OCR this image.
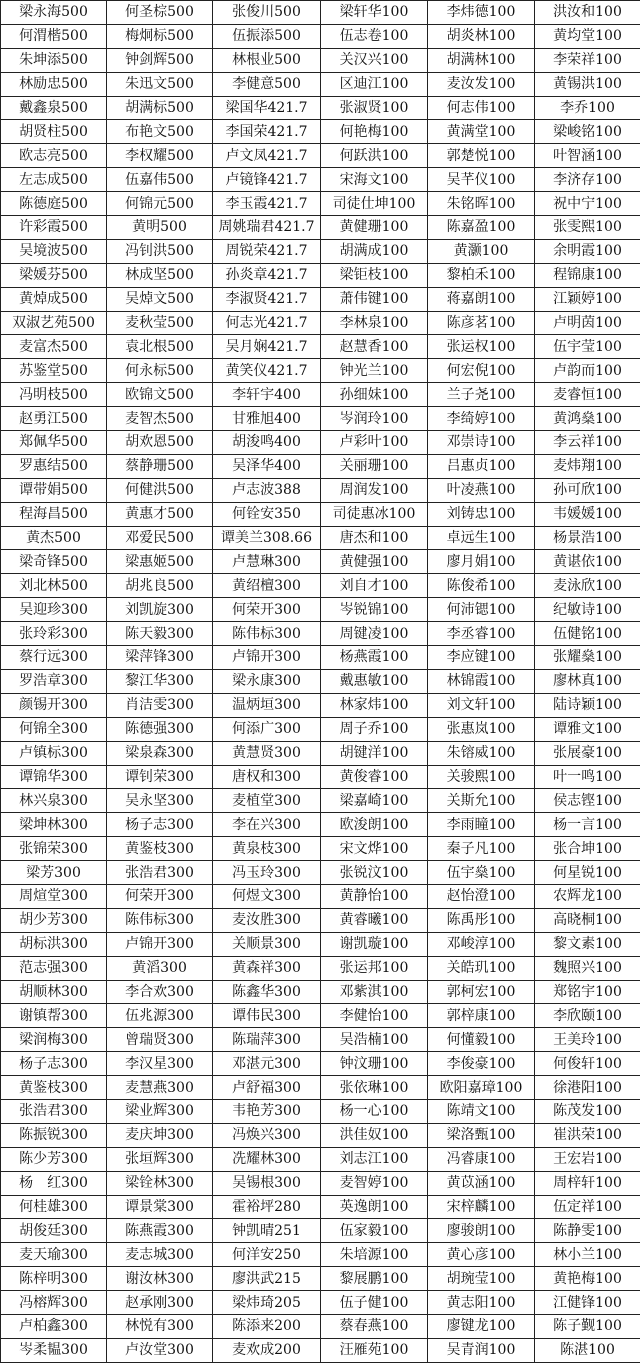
梁永海500	何圣棕500	张俊川500	梁轩华100	李炜德100	洪汝和100
何渭楷500	梅炯标500	伍振添500	伍志卷100	胡炎林100	黄均堂100
朱坤添500	钟剑辉500	林根业500	关汉兴100	胡满林100	李荣祥100
林励忠500	朱迅文500	李健意500	区迪江100	麦汝发100	黄锡洪100
戴鑫泉500	胡满标500	梁国华421.7	张淑贤100	何志伟100	李乔100
胡贤柱500	布艳文500	李国荣421.7	何艳梅100	黄满堂100	梁峻铭100
欧志亮500	李权耀500	卢文凤421.7	何跃洪100	郭楚悦100	叶智涵100
左志成500	伍嘉伟500	卢镜锋421.7	宋海文100	吴芊仪100	李济存100
陈德庭500	何锦元500	李玉霞421.7	司徒仕坤100	朱铭晖100	祝中宁100
许彩霞500	黄明500	周姚瑞君421.7	黄健珊100	陈嘉盈100	张雯熙100
吴境波500	冯钊洪500	周锐荣421.7	胡满成100	黄灏100	余明霞100
梁媛芬500	林成坚500	孙炎章421.7	梁钜枝100	黎柏禾100	程锦康100
黄焯成500	吴焯文500	李淑贤421.7	萧伟键100	蒋嘉朗100	江颖婷100
双淑艺苑500	麦秋莹500	何志光421.7	李林泉100	陈彦茗100	卢明茵100
麦富杰500	袁北根500	吴月娴421.7	赵慧香100	张运权100	伍宇莹100
苏鉴堂500	何永标500	黄笑仪421.7	钟光兰100	何宏倪100	卢韵而100
冯明枝500	欧锦文500	李轩宇400	孙细妹100	兰子尧100	麦睿恒100
赵勇江500	麦智杰500	甘雅旭400	岑润玲100	李绮婷100	黄鸿燊100
郑佩华500	胡欢恩500	胡浚鸣400	卢彩叶100	邓崇诗100	李云祥100
罗惠结500	蔡静珊500	吴泽华400	关丽珊100	吕惠贞100	麦炜翔100
谭带娟500	何健洪500	卢志波388	周润发100	叶凌燕100	孙可欣100
程海昌500	黄惠才500	何铨安350	司徒惠冰100	刘铸忠100	韦媛媛100
黄杰500	邓爱民500	谭美兰308.66	唐杰和100	卓远生100	杨景浩100
梁奇锋500	梁惠姬500	卢慧琳300	黄健强100	廖月娟100	黄谌依100
刘北林500	胡兆良500	黄绍檀300	刘自才100	陈俊希100	麦泳欣100
吴迎珍300	刘凯旋300	何荣开300	岑锐锦100	何沛锶100	纪敏诗100
张玲彩300	陈天毅300	陈伟标300	周键凌100	李丞睿100	伍健铭100
蔡行远300	梁萍锋300	卢锦开300	杨燕霞100	李应键100	张耀燊100
罗浩章300	黎江华300	梁永康300	戴惠敏100	林锦霞100	廖林真100
颜锡开300	肖洁雯300	温炳垣300	林家炜100	刘文轩100	陆诗颖100
何锦全300	陈德强300	何添广300	周子乔100	张惠岚100	谭雅文100
卢镇标300	梁泉森300	黄慧贤300	胡键洋100	朱镕威100	张展豪100
谭锦华300	谭钊荣300	唐权和300	黄俊睿100	关骏熙100	叶一鸣100
林兴泉300	吴永坚300	麦植堂300	梁嘉崎100	关斯允100	侯志铿100
梁坤林300	杨子志300	李在兴300	欧浚朗100	李雨瞳100	杨一言100
张锦荣300	黄鉴枝300	黄泉枝300	宋文烨100	秦子凡100	张合坤100
梁芳300	张浩君300	冯玉玲300	张锐汶100	伍宇燊100	何星锐100
周煊堂300	何荣开300	何煜文300	黄静怡100	赵怡澄100	农辉龙100
胡少芳300	陈伟标300	麦汝胜300	黄睿曦100	陈禹彤100	高晓桐100
胡标洪300	卢锦开300	关顺景300	谢凯璇100	邓峻淳100	黎文素100
范志强300	黄滔300	黄森祥300	张运邦100	关皓玑100	魏照兴100
胡顺林300	李合欢300	陈鑫华300	邓紫淇100	郭柯宏100	郑铭宇100
谢镇帮300	伍兆源300	谭伟民300	李健怡100	郭梓康100	李欣颐100
梁润梅300	曾瑞贤300	陈瑞萍300	吴浩楠100	何懂毅100	王美玲100
杨子志300	李汉星300	邓湛元300	钟汶珊100	李俊豪100	何俊轩100
黄鉴枝300	麦慧燕300	卢舒福300	张依琳100	欧阳嘉璋100	徐港阳100
张浩君300	梁业辉300	韦艳芳300	杨一心100	陈靖文100	陈茂发100
陈振锐300	麦庆坤300	冯焕兴300	洪佳奴100	梁洛甄100	崔洪荣100
陈少芳300	张垣辉300	冼耀林300	刘志江100	冯睿康100	王宏岩100
杨　红300	梁铨林300	吴锡根300	麦智婷100	黄苡涵100	周梓轩100
何桂雄300	谭景棠300	霍裕坪280	英逸朗100	宋梓麟100	伍定祥100
胡俊廷300	陈燕霞300	钟凯晴251	伍家毅100	廖骏朗100	陈静雯100
麦天瑜300	麦志城300	何洋安250	朱培源100	黄心彦100	林小兰100
陈梓明300	谢汝林300	廖洪武215	黎展鹏100	胡琬莹100	黄艳梅100
冯榕辉300	赵承刚300	梁炜琦205	伍子健100	黄志阳100	江健锋100
卢柏鑫300	林悦有300	陈添来200	蔡春燕100	廖键龙100	陈子觐100
岑柔韫300	卢汝堂300	麦欢成200	汪雁苑100	吴青润100	陈湛100
